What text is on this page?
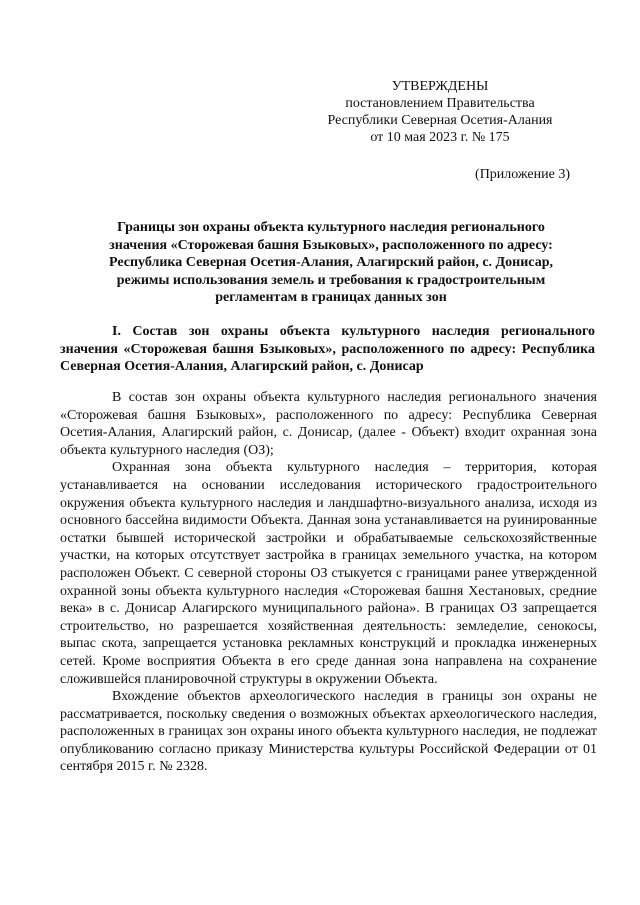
УТВЕРЖДЕНЫ
постановлением Правительства
Республики Северная Осетия-Алания
от 10 мая 2023 г. № 175
(Приложение 3)
Границы зон охраны объекта культурного наследия регионального значения «Сторожевая башня Бзыковых», расположенного по адресу: Республика Северная Осетия-Алания, Алагирский район, с. Донисар, режимы использования земель и требования к градостроительным регламентам в границах данных зон
I. Состав зон охраны объекта культурного наследия регионального значения «Сторожевая башня Бзыковых», расположенного по адресу: Республика Северная Осетия-Алания, Алагирский район, с. Донисар

В состав зон охраны объекта культурного наследия регионального значения «Сторожевая башня Бзыковых», расположенного по адресу: Республика Северная Осетия-Алания, Алагирский район, с. Донисар, (далее - Объект) входит охранная зона объекта культурного наследия (ОЗ);

Охранная зона объекта культурного наследия – территория, которая устанавливается на основании исследования исторического градостроительного окружения объекта культурного наследия и ландшафтно-визуального анализа, исходя из основного бассейна видимости Объекта. Данная зона устанавливается на руинированные остатки бывшей исторической застройки и обрабатываемые сельскохозяйственные участки, на которых отсутствует застройка в границах земельного участка, на котором расположен Объект. С северной стороны ОЗ стыкуется с границами ранее утвержденной охранной зоны объекта культурного наследия «Сторожевая башня Хестановых, средние века» в с. Донисар Алагирского муниципального района». В границах ОЗ запрещается строительство, но разрешается хозяйственная деятельность: земледелие, сенокосы, выпас скота, запрещается установка рекламных конструкций и прокладка инженерных сетей. Кроме восприятия Объекта в его среде данная зона направлена на сохранение сложившейся планировочной структуры в окружении Объекта.

Вхождение объектов археологического наследия в границы зон охраны не рассматривается, поскольку сведения о возможных объектах археологического наследия, расположенных в границах зон охраны иного объекта культурного наследия, не подлежат опубликованию согласно приказу Министерства культуры Российской Федерации от 01 сентября 2015 г. № 2328.
